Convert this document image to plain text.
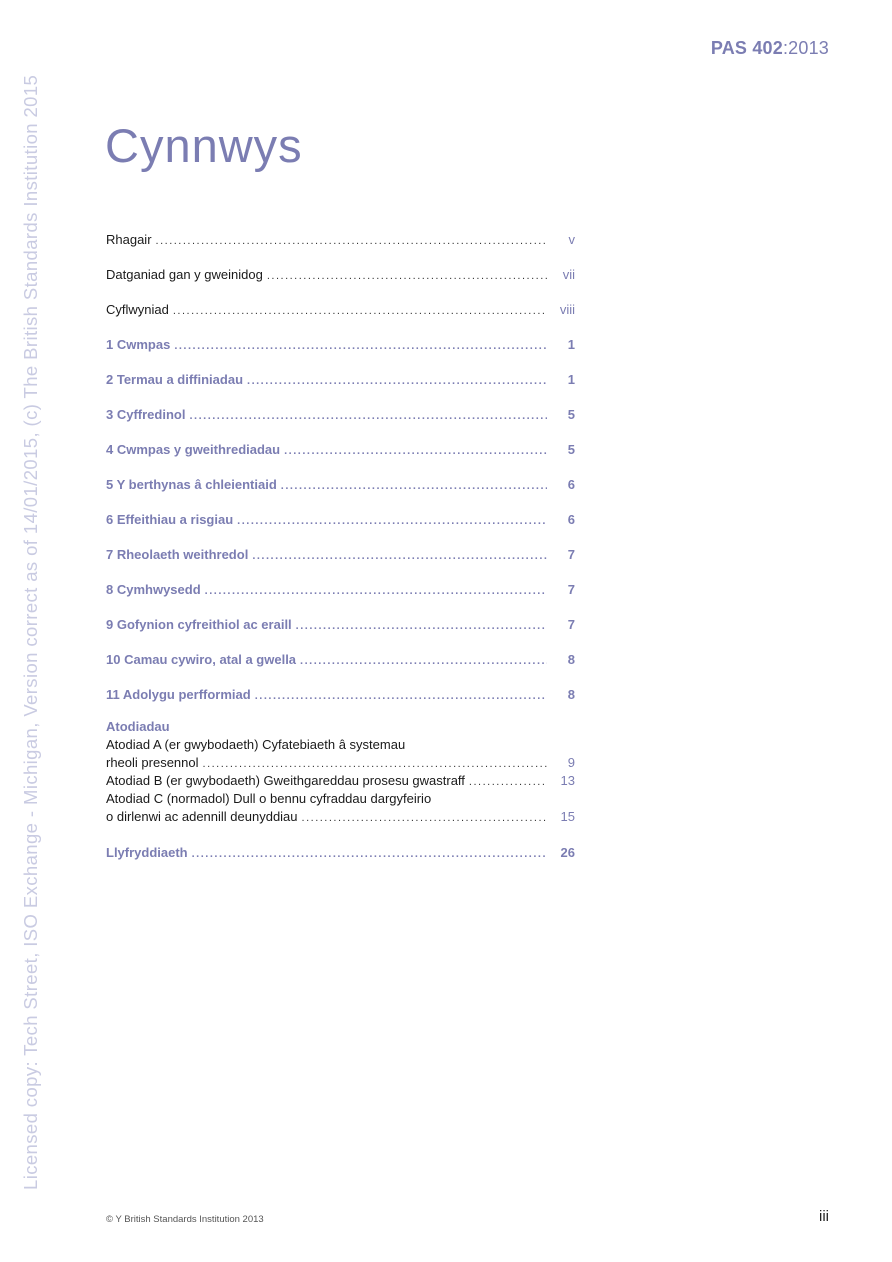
PAS 402:2013
Licensed copy: Tech Street, ISO Exchange - Michigan, Version correct as of 14/01/2015, (c) The British Standards Institution 2015 Cynnwys
Rhagair .....	v
Datganiad gan y gweinidog .....	vii
Cyflwyniad .....	viii
1 Cwmpas .....	1
2 Termau a diffiniadau .....	1
3 Cyffredinol .....	5
4 Cwmpas y gweithrediadau .....	5
5 Y berthynas â chleientiaid .....	6
6 Effeithiau a risgiau .....	6
7 Rheolaeth weithredol .....	7
8 Cymhwysedd .....	7
9 Gofynion cyfreithiol ac eraill .....	7
10 Camau cywiro, atal a gwella .....	8
11 Adolygu perfformiad .....	8
Atodiadau
Atodiad A (er gwybodaeth) Cyfatebiaeth â systemau
rheoli presennol .....	9
Atodiad B (er gwybodaeth) Gweithgareddau prosesu gwastraff .....	13
Atodiad C (normadol) Dull o bennu cyfraddau dargyfeirio
o dirlenwi ac adennill deunyddiau .....	15
Llyfryddiaeth .....	26
© Y British Standards Institution 2013	iii
